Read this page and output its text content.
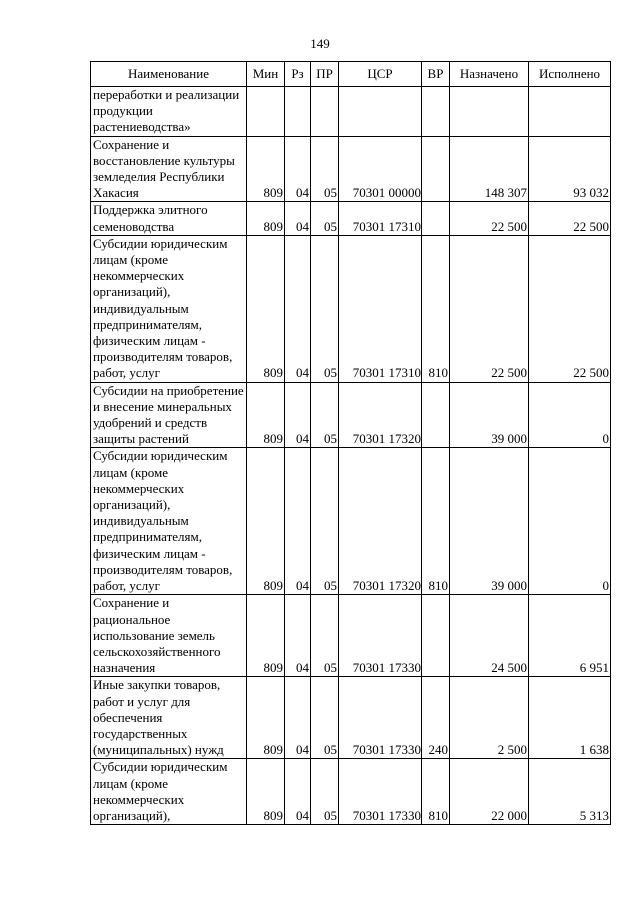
149
Наименование	Мин	Рз	ПР	ЦСР	ВР	Назначено	Исполнено
переработки и реализации продукции растениеводства»							
Сохранение и восстановление культуры земледелия Республики Хакасия	809	04	05	70301 00000		148 307	93 032
Поддержка элитного семеноводства	809	04	05	70301 17310		22 500	22 500
Субсидии юридическим лицам (кроме некоммерческих организаций), индивидуальным предпринимателям, физическим лицам - производителям товаров, работ, услуг	809	04	05	70301 17310	810	22 500	22 500
Субсидии на приобретение и внесение минеральных удобрений и средств защиты растений	809	04	05	70301 17320		39 000	0
Субсидии юридическим лицам (кроме некоммерческих организаций), индивидуальным предпринимателям, физическим лицам - производителям товаров, работ, услуг	809	04	05	70301 17320	810	39 000	0
Сохранение и рациональное использование земель сельскохозяйственного назначения	809	04	05	70301 17330		24 500	6 951
Иные закупки товаров, работ и услуг для обеспечения государственных (муниципальных) нужд	809	04	05	70301 17330	240	2 500	1 638
Субсидии юридическим лицам (кроме некоммерческих организаций),	809	04	05	70301 17330	810	22 000	5 313
